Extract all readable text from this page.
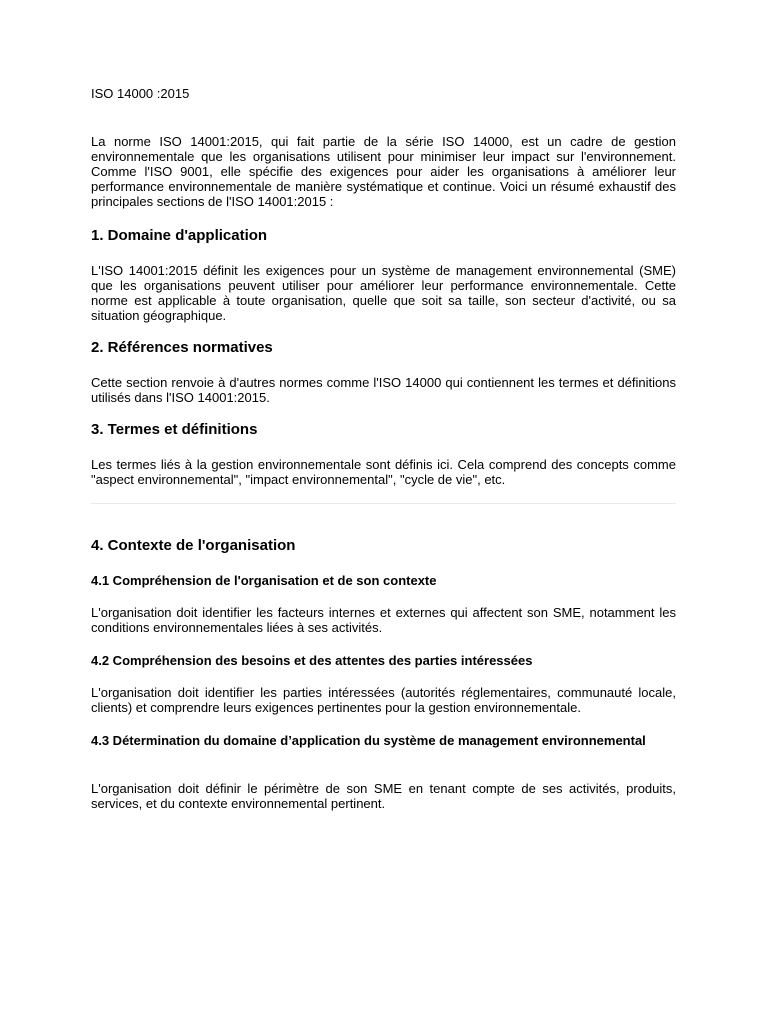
ISO 14000 :2015

La norme ISO 14001:2015, qui fait partie de la série ISO 14000, est un cadre de gestion environnementale que les organisations utilisent pour minimiser leur impact sur l'environnement. Comme l'ISO 9001, elle spécifie des exigences pour aider les organisations à améliorer leur performance environnementale de manière systématique et continue. Voici un résumé exhaustif des principales sections de l'ISO 14001:2015 :

1. Domaine d'application

L'ISO 14001:2015 définit les exigences pour un système de management environnemental (SME) que les organisations peuvent utiliser pour améliorer leur performance environnementale. Cette norme est applicable à toute organisation, quelle que soit sa taille, son secteur d'activité, ou sa situation géographique.

2. Références normatives

Cette section renvoie à d'autres normes comme l'ISO 14000 qui contiennent les termes et définitions utilisés dans l'ISO 14001:2015.

3. Termes et définitions

Les termes liés à la gestion environnementale sont définis ici. Cela comprend des concepts comme "aspect environnemental", "impact environnemental", "cycle de vie", etc.

4. Contexte de l'organisation
4.1 Compréhension de l'organisation et de son contexte

L'organisation doit identifier les facteurs internes et externes qui affectent son SME, notamment les conditions environnementales liées à ses activités.

4.2 Compréhension des besoins et des attentes des parties intéressées

L'organisation doit identifier les parties intéressées (autorités réglementaires, communauté locale, clients) et comprendre leurs exigences pertinentes pour la gestion environnementale.

4.3 Détermination du domaine d’application du système de management environnemental

L'organisation doit définir le périmètre de son SME en tenant compte de ses activités, produits, services, et du contexte environnemental pertinent.
